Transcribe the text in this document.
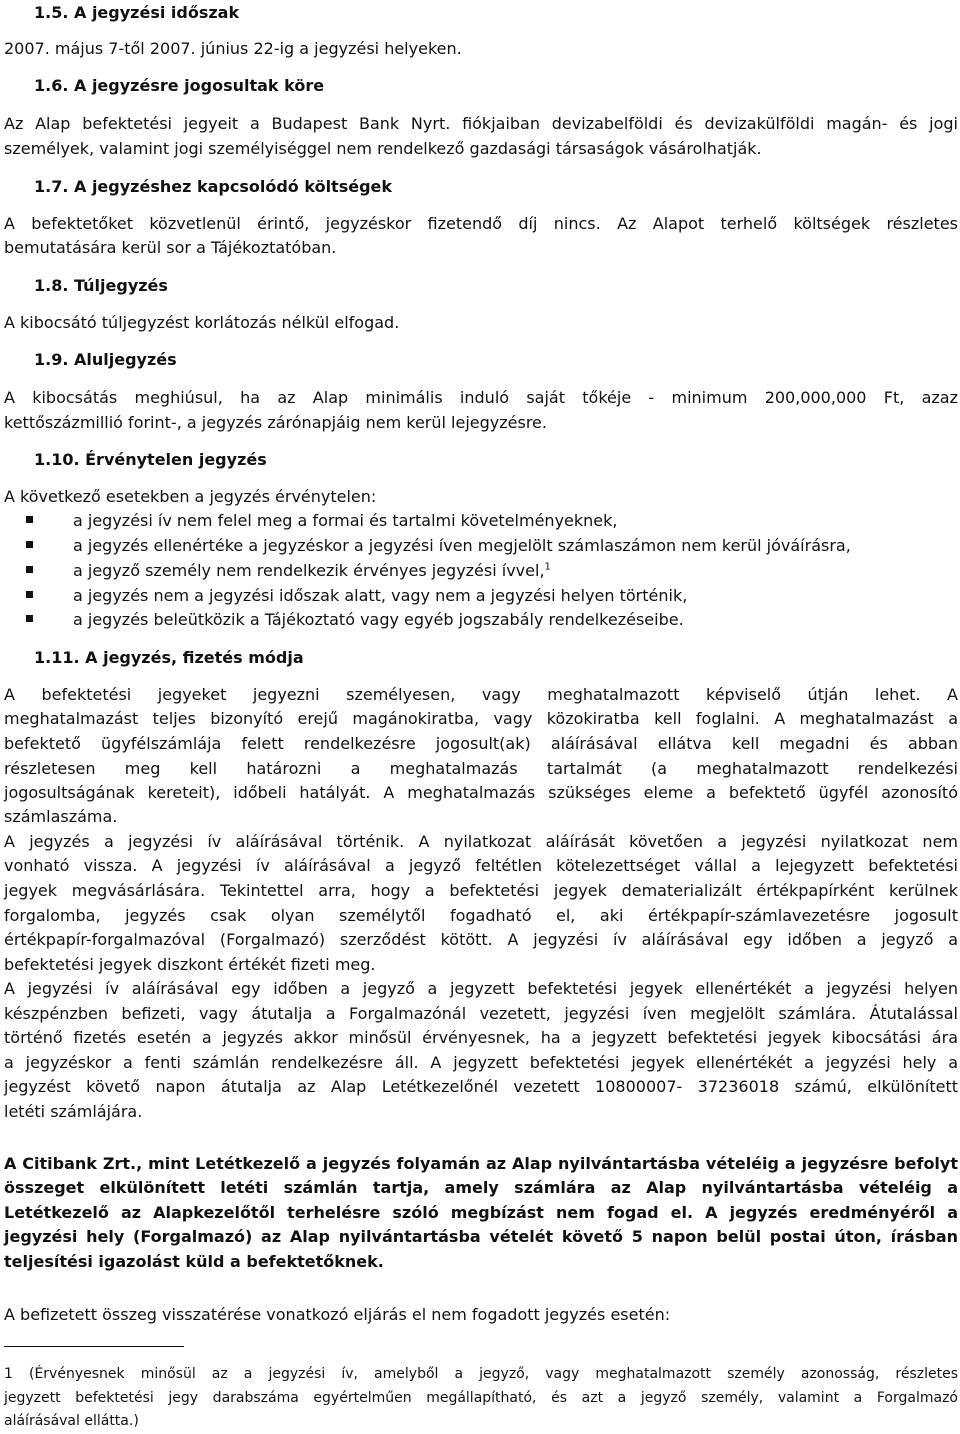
1.5. A jegyzési időszak
2007. május 7-től 2007. június 22-ig a jegyzési helyeken.
1.6. A jegyzésre jogosultak köre
Az Alap befektetési jegyeit a Budapest Bank Nyrt. fiókjaiban devizabelföldi és devizakülföldi magán- és jogi
személyek, valamint jogi személyiséggel nem rendelkező gazdasági társaságok vásárolhatják.
1.7. A jegyzéshez kapcsolódó költségek
A befektetőket közvetlenül érintő, jegyzéskor fizetendő díj nincs. Az Alapot terhelő költségek részletes
bemutatására kerül sor a Tájékoztatóban.
1.8. Túljegyzés
A kibocsátó túljegyzést korlátozás nélkül elfogad.
1.9. Aluljegyzés
A kibocsátás meghiúsul, ha az Alap minimális induló saját tőkéje - minimum 200,000,000 Ft, azaz
kettőszázmillió forint-, a jegyzés zárónapjáig nem kerül lejegyzésre.
1.10. Érvénytelen jegyzés
A következő esetekben a jegyzés érvénytelen:
a jegyzési ív nem felel meg a formai és tartalmi követelményeknek,
a jegyzés ellenértéke a jegyzéskor a jegyzési íven megjelölt számlaszámon nem kerül jóváírásra,
a jegyző személy nem rendelkezik érvényes jegyzési ívvel,$^1$
a jegyzés nem a jegyzési időszak alatt, vagy nem a jegyzési helyen történik,
a jegyzés beleütközik a Tájékoztató vagy egyéb jogszabály rendelkezéseibe.
1.11. A jegyzés, fizetés módja
A befektetési jegyeket jegyezni személyesen, vagy meghatalmazott képviselő útján lehet. A
meghatalmazást teljes bizonyító erejű magánokiratba, vagy közokiratba kell foglalni. A meghatalmazást a
befektető ügyfélszámlája felett rendelkezésre jogosult(ak) aláírásával ellátva kell megadni és abban
részletesen meg kell határozni a meghatalmazás tartalmát (a meghatalmazott rendelkezési
jogosultságának kereteit), időbeli hatályát. A meghatalmazás szükséges eleme a befektető ügyfél azonosító
számlaszáma.
A jegyzés a jegyzési ív aláírásával történik. A nyilatkozat aláírását követően a jegyzési nyilatkozat nem
vonható vissza. A jegyzési ív aláírásával a jegyző feltétlen kötelezettséget vállal a lejegyzett befektetési
jegyek megvásárlására. Tekintettel arra, hogy a befektetési jegyek dematerializált értékpapírként kerülnek
forgalomba, jegyzés csak olyan személytől fogadható el, aki értékpapír-számlavezetésre jogosult
értékpapír-forgalmazóval (Forgalmazó) szerződést kötött. A jegyzési ív aláírásával egy időben a jegyző a
befektetési jegyek diszkont értékét fizeti meg.
A jegyzési ív aláírásával egy időben a jegyző a jegyzett befektetési jegyek ellenértékét a jegyzési helyen
készpénzben befizeti, vagy átutalja a Forgalmazónál vezetett, jegyzési íven megjelölt számlára. Átutalással
történő fizetés esetén a jegyzés akkor minősül érvényesnek, ha a jegyzett befektetési jegyek kibocsátási ára
a jegyzéskor a fenti számlán rendelkezésre áll. A jegyzett befektetési jegyek ellenértékét a jegyzési hely a
jegyzést követő napon átutalja az Alap Letétkezelőnél vezetett 10800007- 37236018 számú, elkülönített
letéti számlájára.
A Citibank Zrt., mint Letétkezelő a jegyzés folyamán az Alap nyilvántartásba vételéig a jegyzésre befolyt
összeget elkülönített letéti számlán tartja, amely számlára az Alap nyilvántartásba vételéig a
Letétkezelő az Alapkezelőtől terhelésre szóló megbízást nem fogad el. A jegyzés eredményéről a
jegyzési hely (Forgalmazó) az Alap nyilvántartásba vételét követő 5 napon belül postai úton, írásban
teljesítési igazolást küld a befektetőknek.
A befizetett összeg visszatérése vonatkozó eljárás el nem fogadott jegyzés esetén:
1 (Érvényesnek minősül az a jegyzési ív, amelyből a jegyző, vagy meghatalmazott személy azonosság, részletes
jegyzett befektetési jegy darabszáma egyértelműen megállapítható, és azt a jegyző személy, valamint a Forgalmazó
aláírásával ellátta.)
